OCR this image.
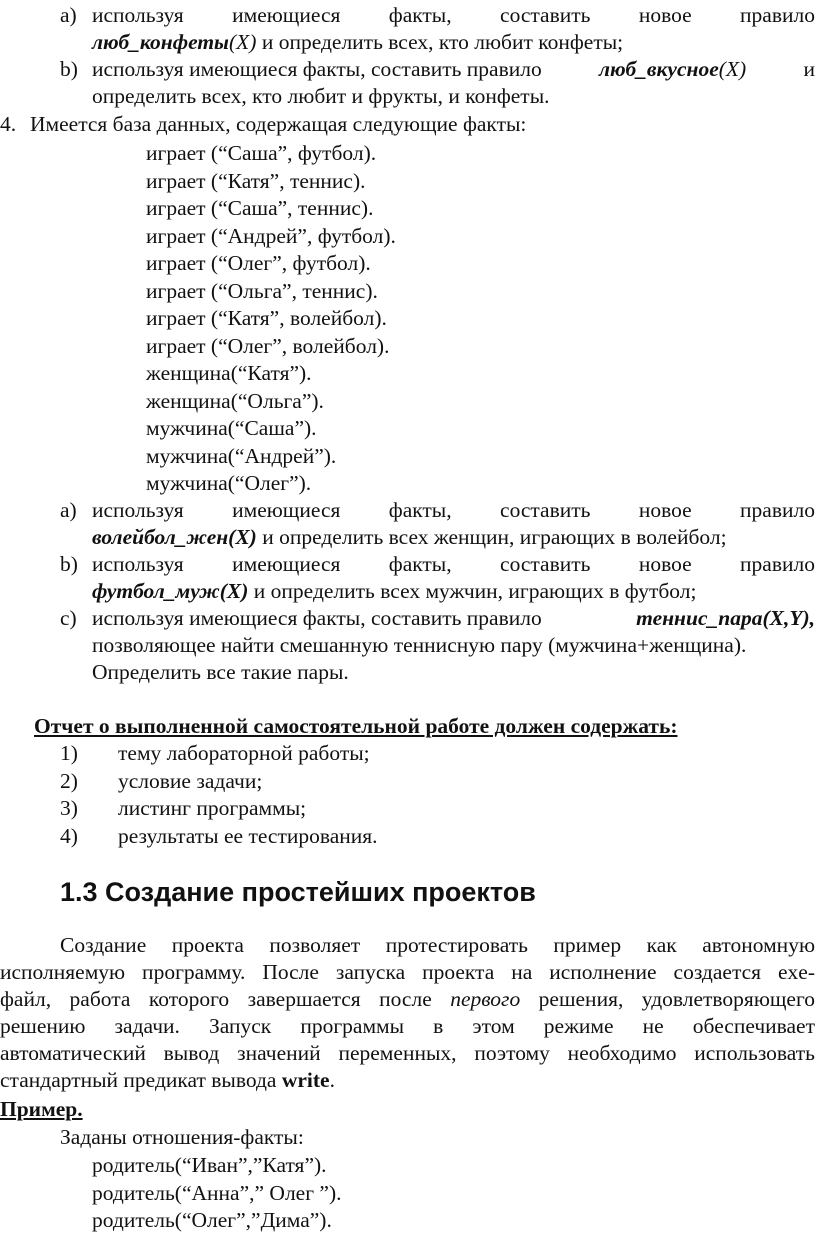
a) используя имеющиеся факты, составить новое правило
люб_конфеты(X) и определить всех, кто любит конфеты;
b) используя имеющиеся факты, составить правило	люб_вкусное(X)	и
определить всех, кто любит и фрукты, и конфеты.
4. Имеется база данных, содержащая следующие факты:
играет (“Саша”, футбол).
играет (“Катя”, теннис).
играет (“Саша”, теннис).
играет (“Андрей”, футбол).
играет (“Олег”, футбол).
играет (“Ольга”, теннис).
играет (“Катя”, волейбол).
играет (“Олег”, волейбол).
женщина(“Катя”).
женщина(“Ольга”).
мужчина(“Саша”).
мужчина(“Андрей”).
мужчина(“Олег”).
a) используя имеющиеся факты, составить новое правило
волейбол_жен(X) и определить всех женщин, играющих в волейбол;
b) используя имеющиеся факты, составить новое правило
футбол_муж(X) и определить всех мужчин, играющих в футбол;
c) используя имеющиеся факты, составить правило	теннис_пара(X,Y),
позволяющее найти смешанную теннисную пару (мужчина+женщина).
Определить все такие пары.
Отчет о выполненной самостоятельной работе должен содержать:
1) тему лабораторной работы;
2) условие задачи;
3) листинг программы;
4) результаты ее тестирования.
1.3 Создание простейших проектов
Создание проекта позволяет протестировать пример как автономную
исполняемую программу. После запуска проекта на исполнение создается exe-
файл, работа которого завершается после первого решения, удовлетворяющего
решению задачи. Запуск программы в этом режиме не обеспечивает
автоматический вывод значений переменных, поэтому необходимо использовать
стандартный предикат вывода write.
Пример.
Заданы отношения-факты:
родитель(“Иван”,”Катя”).
родитель(“Анна”,” Олег ”).
родитель(“Олег”,”Дима”).
